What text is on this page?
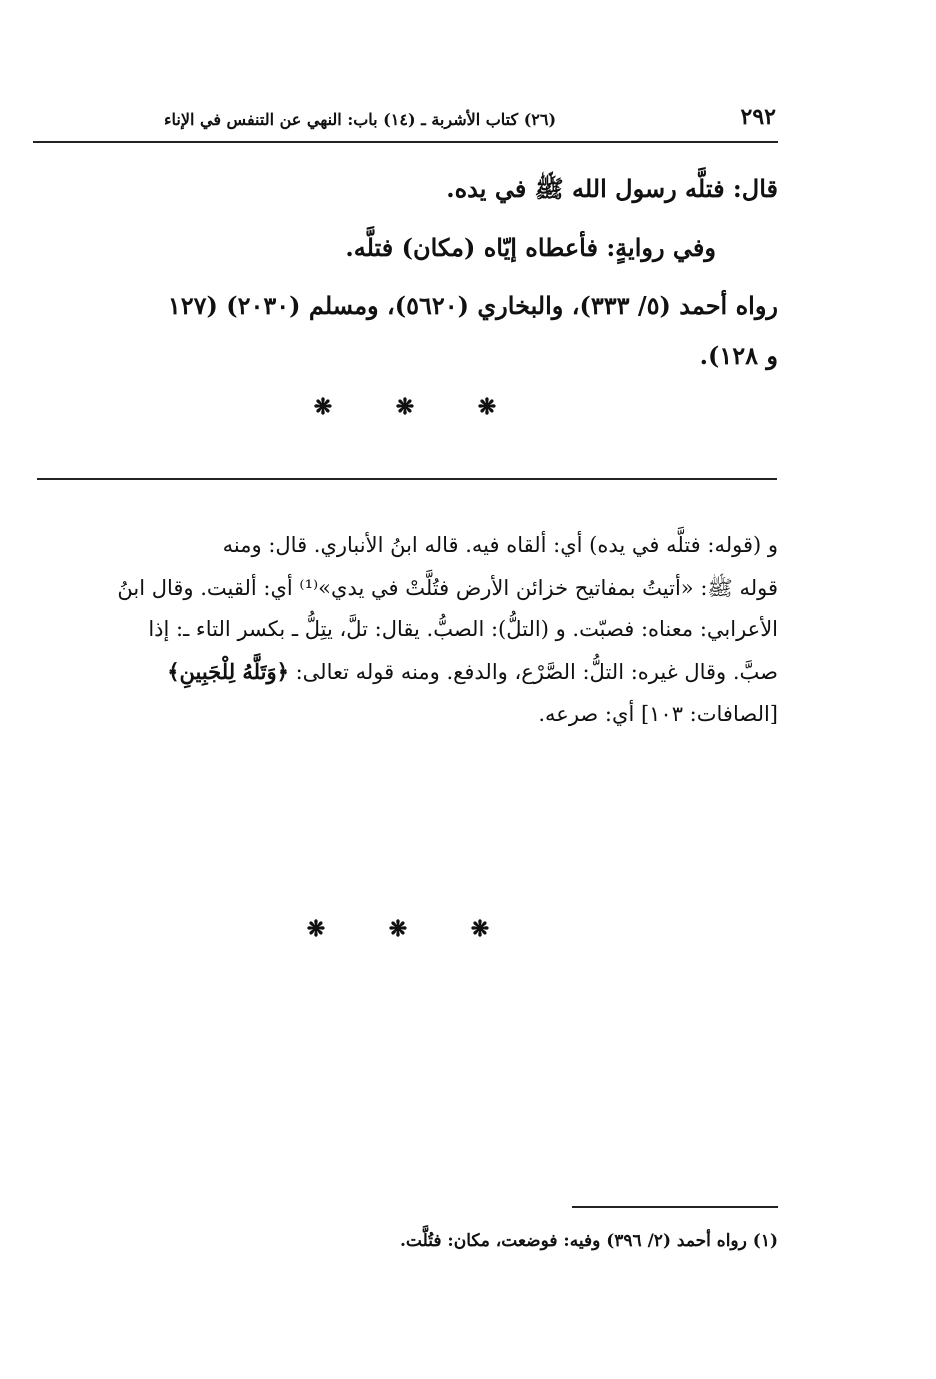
(٢٦) كتاب الأشربة ـ (١٤) باب: النهي عن التنفس في الإناء	٢٩٢
قال: فتلَّه رسول الله ﷺ في يده.
وفي روايةٍ: فأعطاه إيّاه (مكان) فتلَّه.
رواه أحمد (٥/ ٣٣٣)، والبخاري (٥٦٢٠)، ومسلم (٢٠٣٠) (١٢٧
و ١٢٨).
❋	❋	❋
و (قوله: فتلَّه في يده) أي: ألقاه فيه. قاله ابنُ الأنباري. قال: ومنه
قوله ﷺ: «أتيتُ بمفاتيح خزائن الأرض فتُلَّتْ في يدي»⁽¹⁾ أي: ألقيت. وقال ابنُ
الأعرابي: معناه: فصبّت. و (التلُّ): الصبُّ. يقال: تلَّ، يتِلُّ ـ بكسر التاء ـ: إذا
صبَّ. وقال غيره: التلُّ: الصَّرْع، والدفع. ومنه قوله تعالى: ﴿وَتَلَّهُ لِلْجَبِينِ﴾
[الصافات: ١٠٣] أي: صرعه.
❋	❋	❋
(١) رواه أحمد (٢/ ٣٩٦) وفيه: فوضعت، مكان: فتُلَّت.
